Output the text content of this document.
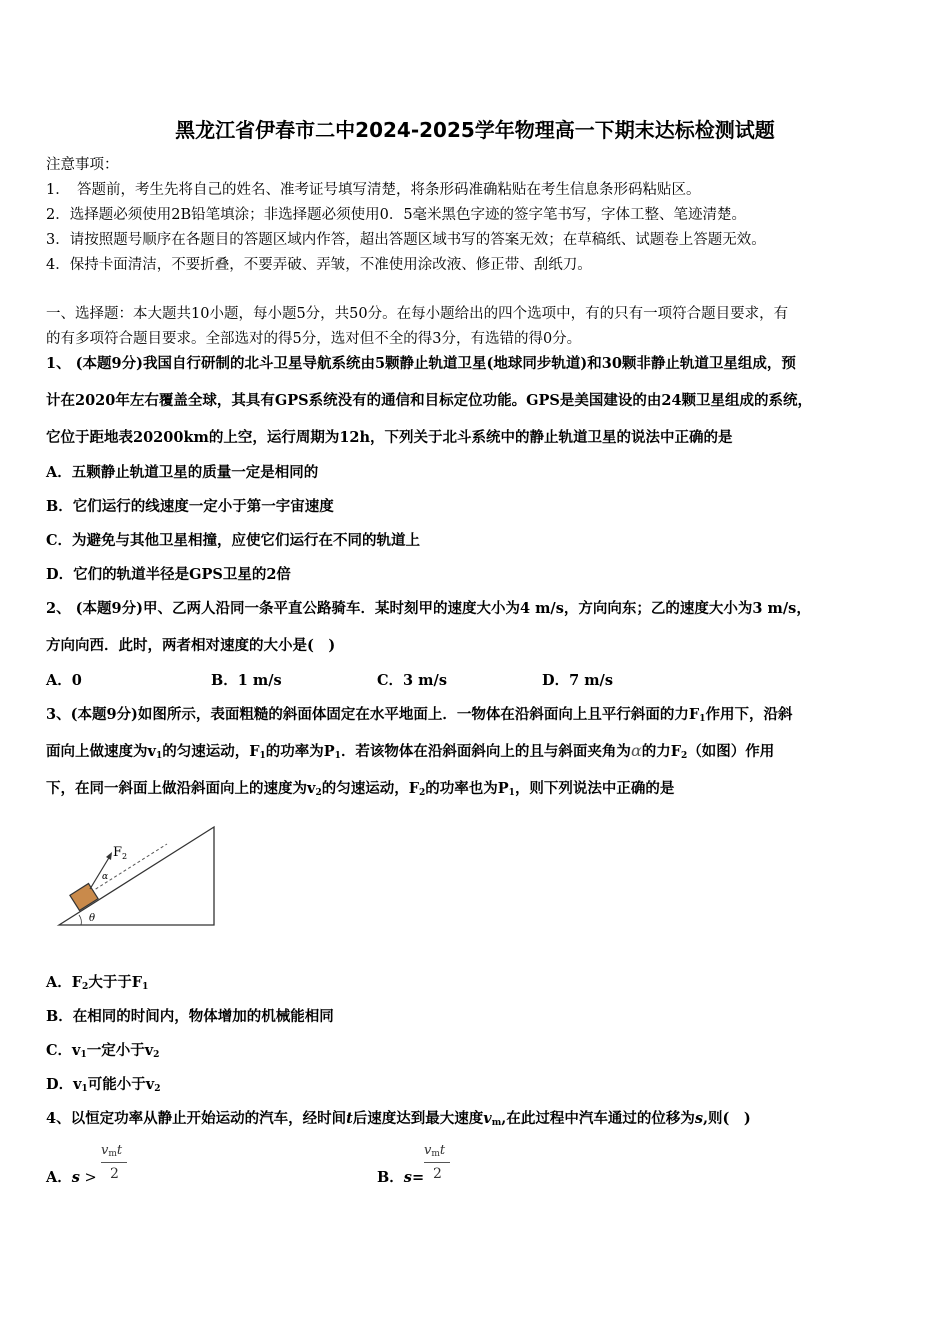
黑龙江省伊春市二中2024-2025学年物理高一下期末达标检测试题
注意事项：
1．　答题前，考生先将自己的姓名、准考证号填写清楚，将条形码准确粘贴在考生信息条形码粘贴区。
2．选择题必须使用2B铅笔填涂；非选择题必须使用0．5毫米黑色字迹的签字笔书写，字体工整、笔迹清楚。
3．请按照题号顺序在各题目的答题区域内作答，超出答题区域书写的答案无效；在草稿纸、试题卷上答题无效。
4．保持卡面清洁，不要折叠，不要弄破、弄皱，不准使用涂改液、修正带、刮纸刀。
一、选择题：本大题共10小题，每小题5分，共50分。在每小题给出的四个选项中，有的只有一项符合题目要求，有
的有多项符合题目要求。全部选对的得5分，选对但不全的得3分，有选错的得0分。
1、 (本题9分)我国自行研制的北斗卫星导航系统由5颗静止轨道卫星(地球同步轨道)和30颗非静止轨道卫星组成，预
计在2020年左右覆盖全球，其具有GPS系统没有的通信和目标定位功能。GPS是美国建设的由24颗卫星组成的系统，
它位于距地表20200km的上空，运行周期为12h，下列关于北斗系统中的静止轨道卫星的说法中正确的是
A．五颗静止轨道卫星的质量一定是相同的
B．它们运行的线速度一定小于第一宇宙速度
C．为避免与其他卫星相撞，应使它们运行在不同的轨道上
D．它们的轨道半径是GPS卫星的2倍
2、 (本题9分)甲、乙两人沿同一条平直公路骑车．某时刻甲的速度大小为4 m/s，方向向东；乙的速度大小为3 m/s，
方向向西．此时，两者相对速度的大小是(　)
A．0	B．1 m/s	C．3 m/s	D．7 m/s
3、(本题9分)如图所示，表面粗糙的斜面体固定在水平地面上．一物体在沿斜面向上且平行斜面的力$F_1$作用下，沿斜
面向上做速度为$v_1$的匀速运动，$F_1$的功率为$P_1$．若该物体在沿斜面斜向上的且与斜面夹角为α的力$F_2$（如图）作用
下，在同一斜面上做沿斜面向上的速度为$v_2$的匀速运动，$F_2$的功率也为$P_1$，则下列说法中正确的是
$F_2$
α
θ
A．$F_2$大于于$F_1$
B．在相同的时间内，物体增加的机械能相同
C．$v_1$一定小于$v_2$
D．$v_1$可能小于$v_2$
4、以恒定功率从静止开始运动的汽车，经时间t后速度达到最大速度$v_m$,在此过程中汽车通过的位移为s,则(　)
A．s >
$v_mt$
2	B．s=
$v_mt$
2
